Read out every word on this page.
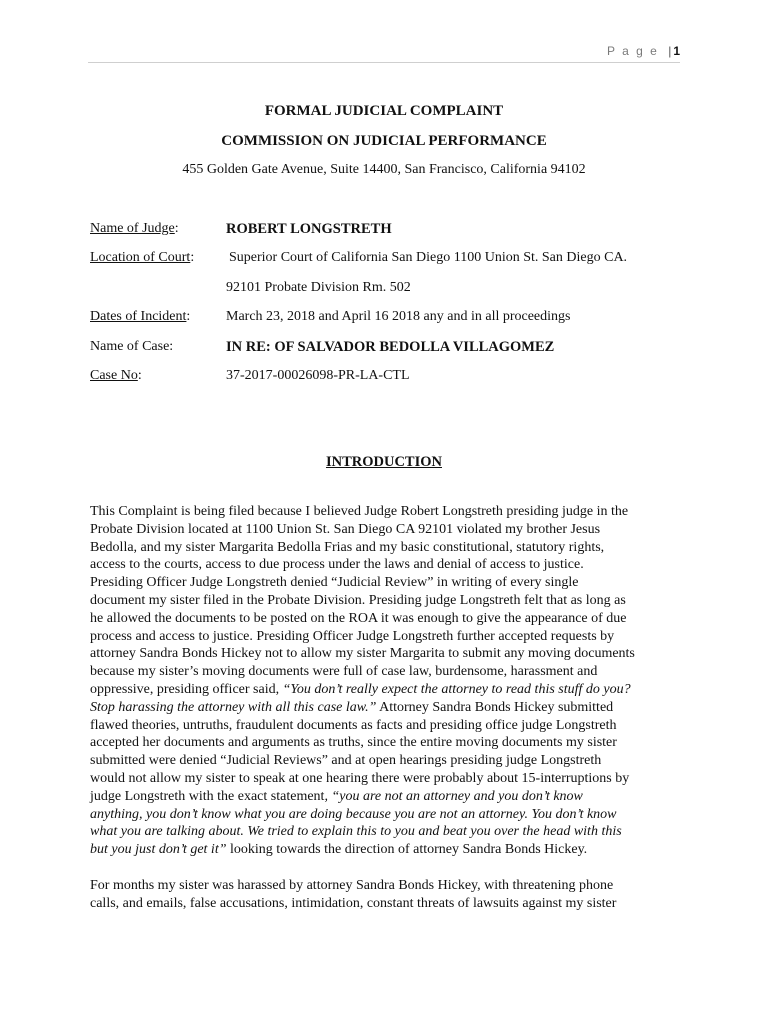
P a g e | 1
FORMAL JUDICIAL COMPLAINT
COMMISSION ON JUDICIAL PERFORMANCE
455 Golden Gate Avenue, Suite 14400, San Francisco, California 94102
Name of Judge:	ROBERT LONGSTRETH
Location of Court: Superior Court of California San Diego 1100 Union St. San Diego CA.
92101 Probate Division Rm. 502
Dates of Incident:	March 23, 2018 and April 16 2018 any and in all proceedings
Name of Case:	IN RE: OF SALVADOR BEDOLLA VILLAGOMEZ
Case No:	37-2017-00026098-PR-LA-CTL
INTRODUCTION
This Complaint is being filed because I believed Judge Robert Longstreth presiding judge in the
Probate Division located at 1100 Union St. San Diego CA 92101 violated my brother Jesus
Bedolla, and my sister Margarita Bedolla Frias and my basic constitutional, statutory rights,
access to the courts, access to due process under the laws and denial of access to justice.
Presiding Officer Judge Longstreth denied “Judicial Review” in writing of every single
document my sister filed in the Probate Division. Presiding judge Longstreth felt that as long as
he allowed the documents to be posted on the ROA it was enough to give the appearance of due
process and access to justice. Presiding Officer Judge Longstreth further accepted requests by
attorney Sandra Bonds Hickey not to allow my sister Margarita to submit any moving documents
because my sister’s moving documents were full of case law, burdensome, harassment and
oppressive, presiding officer said, “You don’t really expect the attorney to read this stuff do you?
Stop harassing the attorney with all this case law.” Attorney Sandra Bonds Hickey submitted
flawed theories, untruths, fraudulent documents as facts and presiding office judge Longstreth
accepted her documents and arguments as truths, since the entire moving documents my sister
submitted were denied “Judicial Reviews” and at open hearings presiding judge Longstreth
would not allow my sister to speak at one hearing there were probably about 15-interruptions by
judge Longstreth with the exact statement, “you are not an attorney and you don’t know
anything, you don’t know what you are doing because you are not an attorney. You don’t know
what you are talking about. We tried to explain this to you and beat you over the head with this
but you just don’t get it” looking towards the direction of attorney Sandra Bonds Hickey.
For months my sister was harassed by attorney Sandra Bonds Hickey, with threatening phone
calls, and emails, false accusations, intimidation, constant threats of lawsuits against my sister
